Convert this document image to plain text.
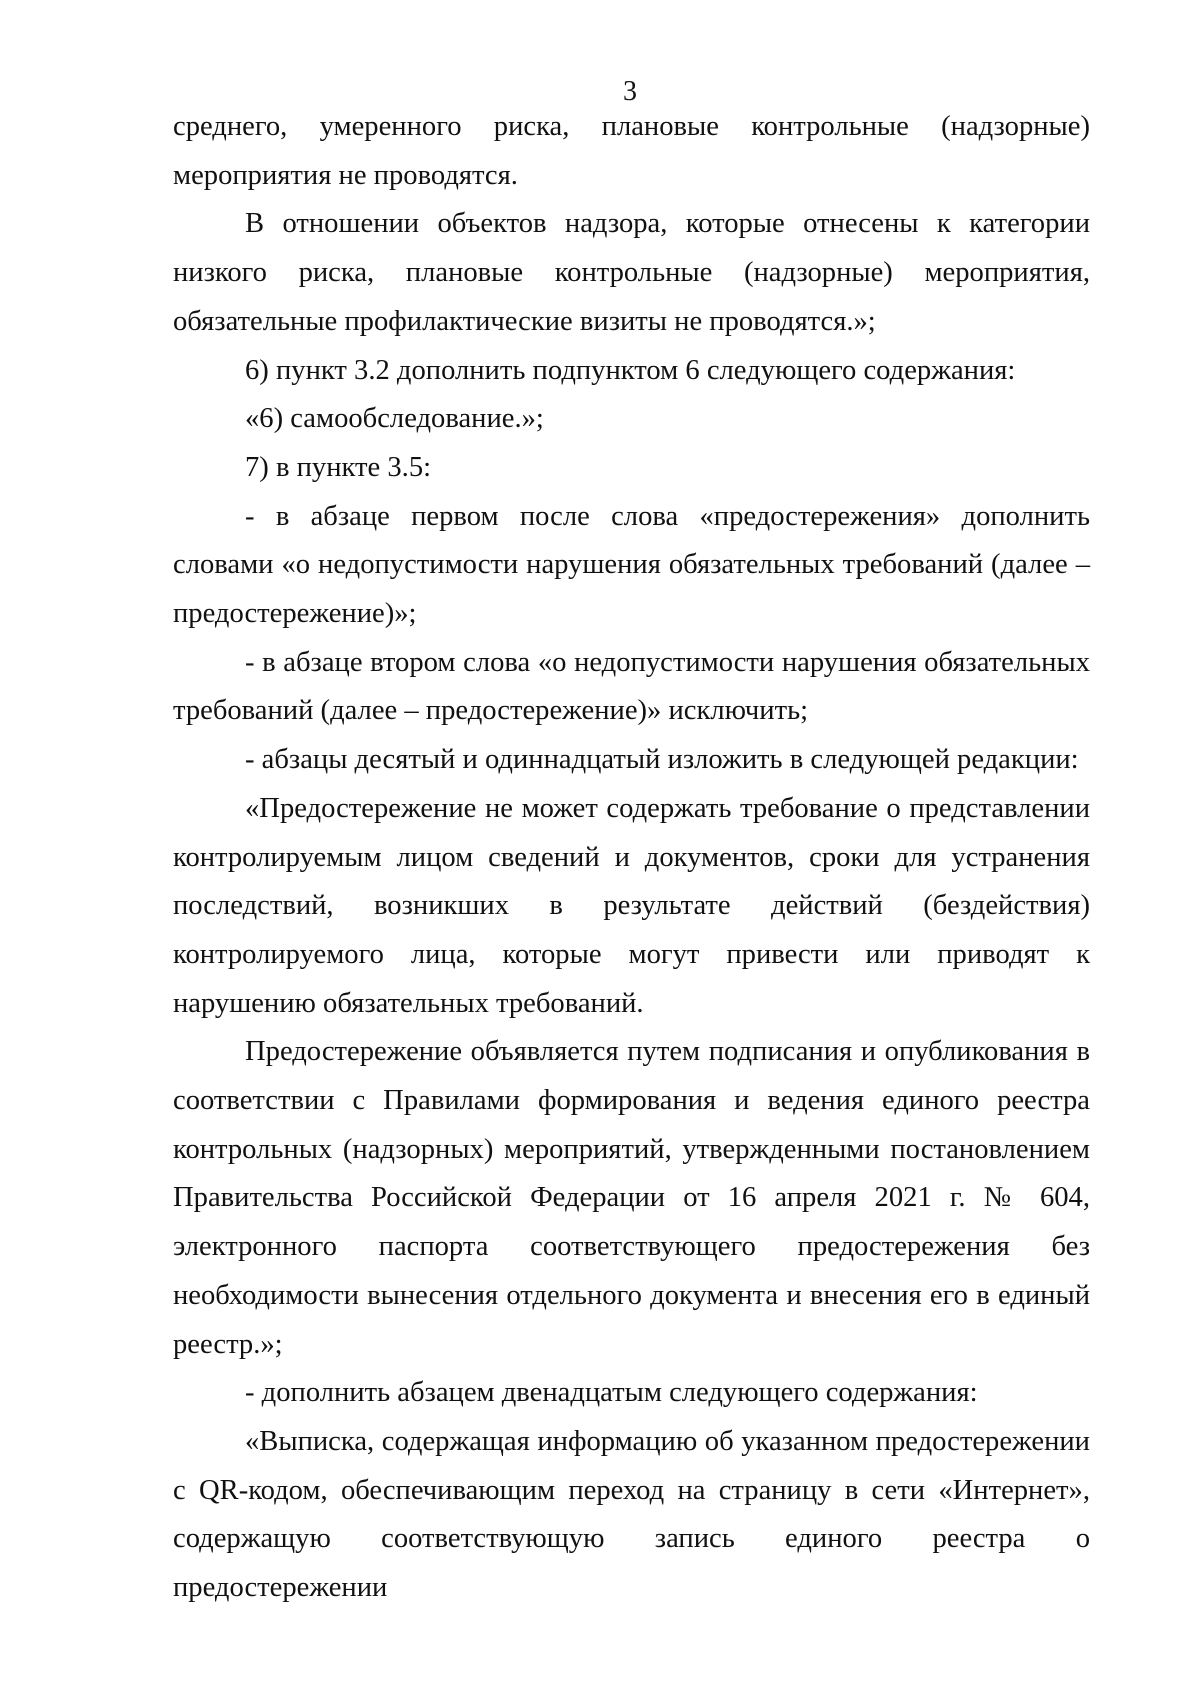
3

среднего, умеренного риска, плановые контрольные (надзорные) мероприятия не проводятся.

В отношении объектов надзора, которые отнесены к категории низкого риска, плановые контрольные (надзорные) мероприятия, обязательные профилактические визиты не проводятся.»;

6) пункт 3.2 дополнить подпунктом 6 следующего содержания:

«6) самообследование.»;

7) в пункте 3.5:

- в абзаце первом после слова «предостережения» дополнить словами «о недопустимости нарушения обязательных требований (далее – предостережение)»;

- в абзаце втором слова «о недопустимости нарушения обязательных требований (далее – предостережение)» исключить;

- абзацы десятый и одиннадцатый изложить в следующей редакции:

«Предостережение не может содержать требование о представлении контролируемым лицом сведений и документов, сроки для устранения последствий, возникших в результате действий (бездействия) контролируемого лица, которые могут привести или приводят к нарушению обязательных требований.

Предостережение объявляется путем подписания и опубликования в соответствии с Правилами формирования и ведения единого реестра контрольных (надзорных) мероприятий, утвержденными постановлением Правительства Российской Федерации от 16 апреля 2021 г. № 604, электронного паспорта соответствующего предостережения без необходимости вынесения отдельного документа и внесения его в единый реестр.»;

- дополнить абзацем двенадцатым следующего содержания:

«Выписка, содержащая информацию об указанном предостережении с QR-кодом, обеспечивающим переход на страницу в сети «Интернет», содержащую соответствующую запись единого реестра о предостережении
